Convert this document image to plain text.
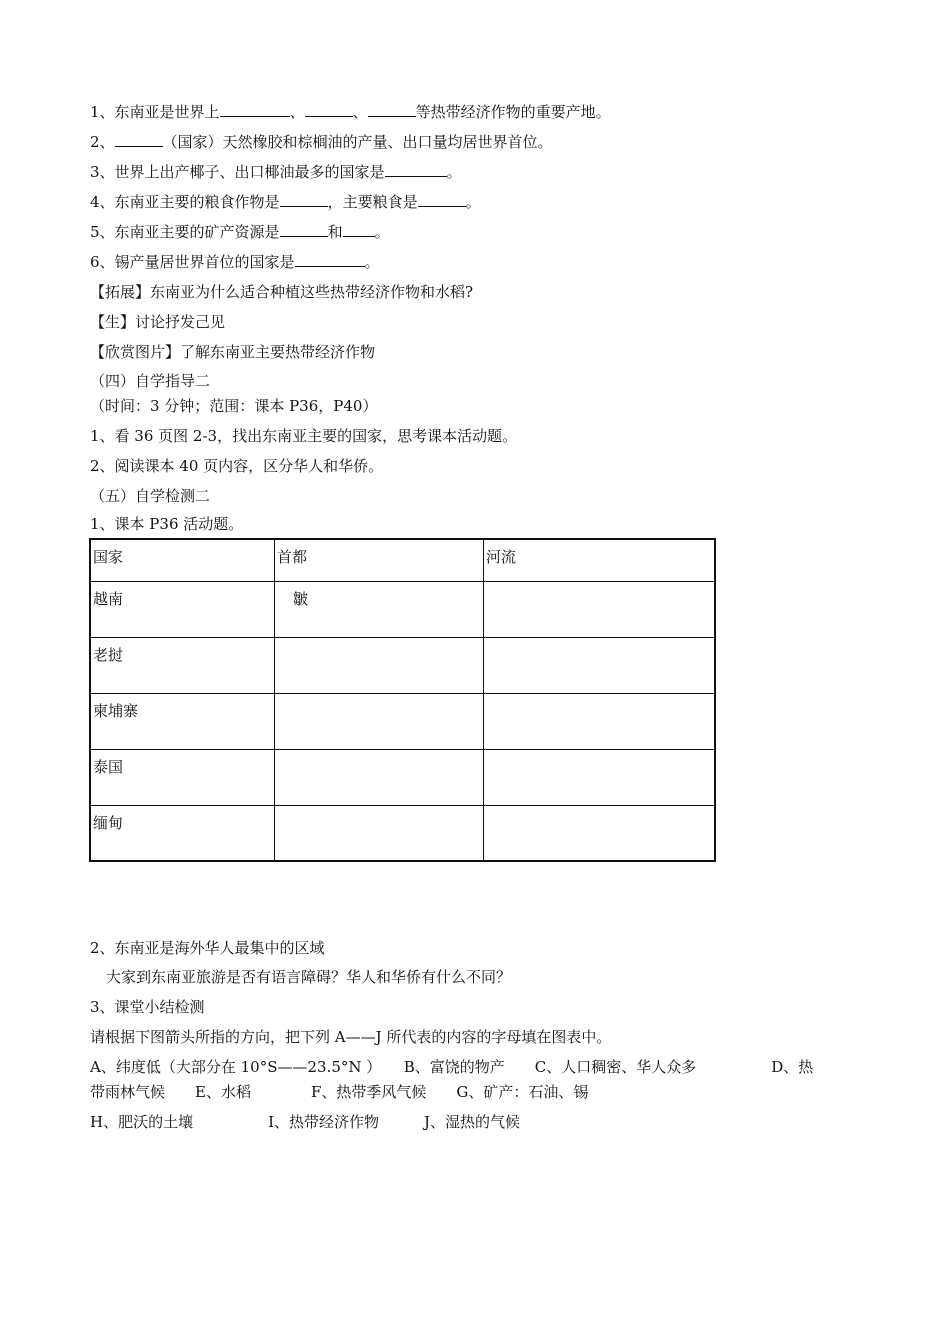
1、东南亚是世界上	、	、	等热带经济作物的重要产地。
2、	（国家）天然橡胶和棕榈油的产量、出口量均居世界首位。
3、世界上出产椰子、出口椰油最多的国家是	。
4、东南亚主要的粮食作物是	，主要粮食是	。
5、东南亚主要的矿产资源是	和 。
6、锡产量居世界首位的国家是	。
【拓展】东南亚为什么适合种植这些热带经济作物和水稻?
【生】讨论抒发己见
【欣赏图片】了解东南亚主要热带经济作物
（四）自学指导二
（时间：3 分钟；范围：课本 P36，P40）
1、看 36 页图 2-3，找出东南亚主要的国家，思考课本活动题。
2、阅读课本 40 页内容，区分华人和华侨。
（五）自学检测二
1、课本 P36 活动题。
国家	首都	河流
越南	皺	
老挝		
柬埔寨		
泰国		
缅甸		
2、东南亚是海外华人最集中的区域
大家到东南亚旅游是否有语言障碍？华人和华侨有什么不同？
3、课堂小结检测
请根据下图箭头所指的方向，把下列 A——J 所代表的内容的字母填在图表中。
A、纬度低（大部分在 10°S——23.5°N ）　　B、富饶的物产　　C、人口稠密、华人众多　　　　　D、热
带雨林气候　　E、水稻　　　　F、热带季风气候　　G、矿产：石油、锡
H、肥沃的土壤　　　　　I、热带经济作物　　　J、湿热的气候
